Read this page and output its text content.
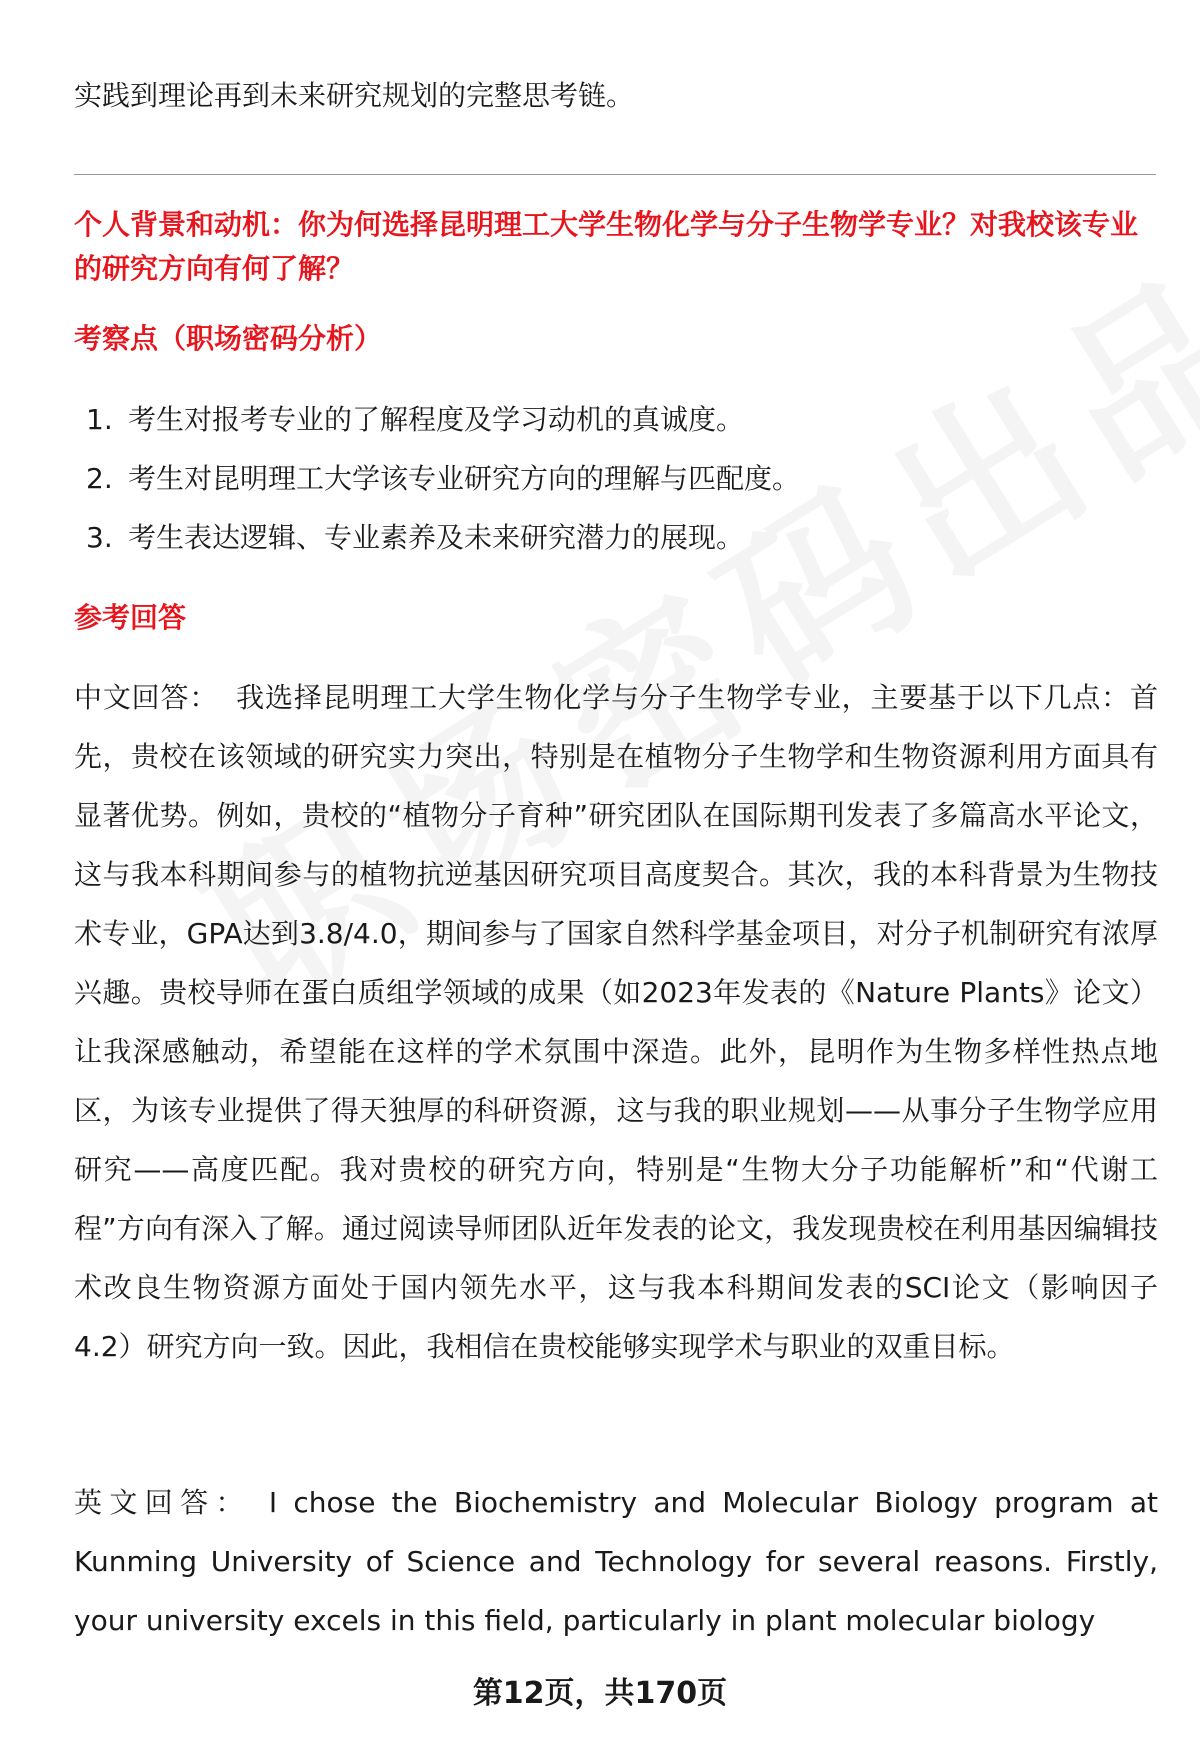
实践到理论再到未来研究规划的完整思考链。
个人背景和动机：你为何选择昆明理工大学生物化学与分子生物学专业？对我校该专业的研究方向有何了解？
考察点（职场密码分析）
1. 考生对报考专业的了解程度及学习动机的真诚度。
2. 考生对昆明理工大学该专业研究方向的理解与匹配度。
3. 考生表达逻辑、专业素养及未来研究潜力的展现。
参考回答
中文回答： 我选择昆明理工大学生物化学与分子生物学专业，主要基于以下几点：首先，贵校在该领域的研究实力突出，特别是在植物分子生物学和生物资源利用方面具有显著优势。例如，贵校的“植物分子育种”研究团队在国际期刊发表了多篇高水平论文，这与我本科期间参与的植物抗逆基因研究项目高度契合。其次，我的本科背景为生物技术专业，GPA达到3.8/4.0，期间参与了国家自然科学基金项目，对分子机制研究有浓厚兴趣。贵校导师在蛋白质组学领域的成果（如2023年发表的《Nature Plants》论文）让我深感触动，希望能在这样的学术氛围中深造。此外，昆明作为生物多样性热点地区，为该专业提供了得天独厚的科研资源，这与我的职业规划——从事分子生物学应用研究——高度匹配。我对贵校的研究方向，特别是“生物大分子功能解析”和“代谢工程”方向有深入了解。通过阅读导师团队近年发表的论文，我发现贵校在利用基因编辑技术改良生物资源方面处于国内领先水平，这与我本科期间发表的SCI论文（影响因子4.2）研究方向一致。因此，我相信在贵校能够实现学术与职业的双重目标。
英文回答： I chose the Biochemistry and Molecular Biology program at Kunming University of Science and Technology for several reasons. Firstly, your university excels in this field, particularly in plant molecular biology
第12页，共170页
